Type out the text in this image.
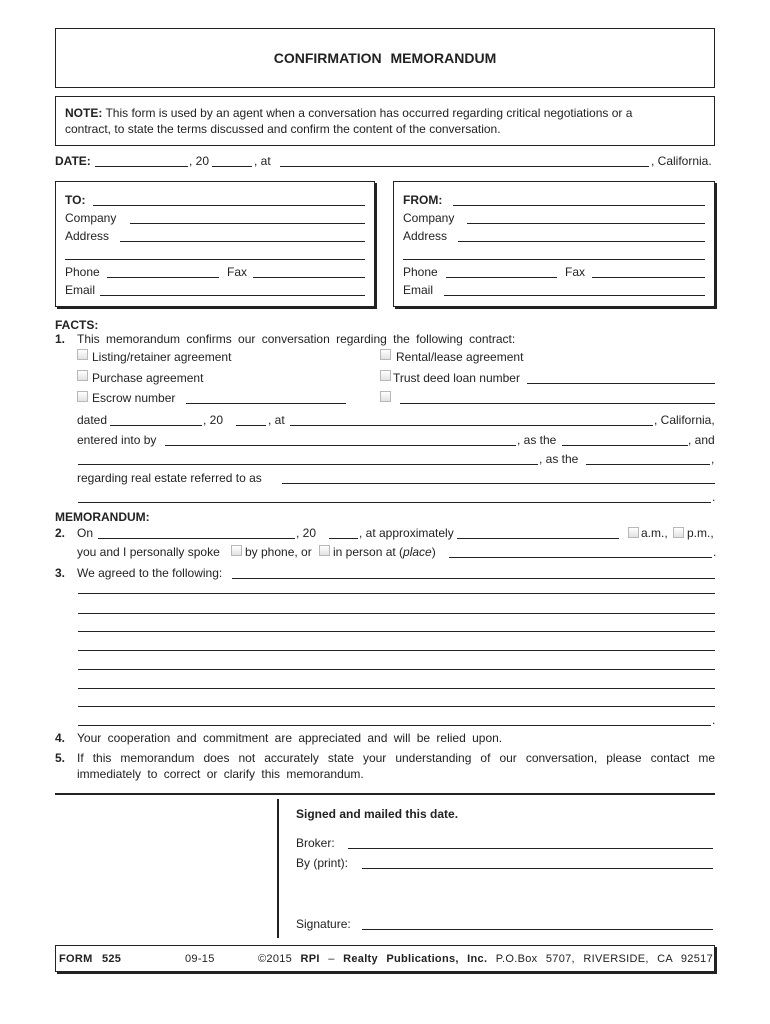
CONFIRMATION MEMORANDUM
NOTE: This form is used by an agent when a conversation has occurred regarding critical negotiations or a
contract, to state the terms discussed and confirm the content of the conversation.
DATE:	, 20	, at	, California.
TO:
Company
Address
Phone	Fax
Email
FROM:
Company
Address
Phone	Fax
Email
FACTS:
1. This memorandum confirms our conversation regarding the following contract:
Listing/retainer agreement	Rental/lease agreement
Purchase agreement	Trust deed loan number
Escrow number
dated	, 20	, at	, California,
entered into by	, as the	, and
, as the	,
regarding real estate referred to as
.
MEMORANDUM:
2. On	, 20	, at approximately	a.m., p.m.,
you and I personally spoke by phone, or in person at (place)	.
3. We agreed to the following:
.
4. Your cooperation and commitment are appreciated and will be relied upon.
5. If this memorandum does not accurately state your understanding of our conversation, please contact me
immediately to correct or clarify this memorandum.
Signed and mailed this date.
Broker:
By (print):
Signature:
FORM 525	09-15	©2015 RPI – Realty Publications, Inc. P.O.Box 5707, RIVERSIDE, CA 92517
